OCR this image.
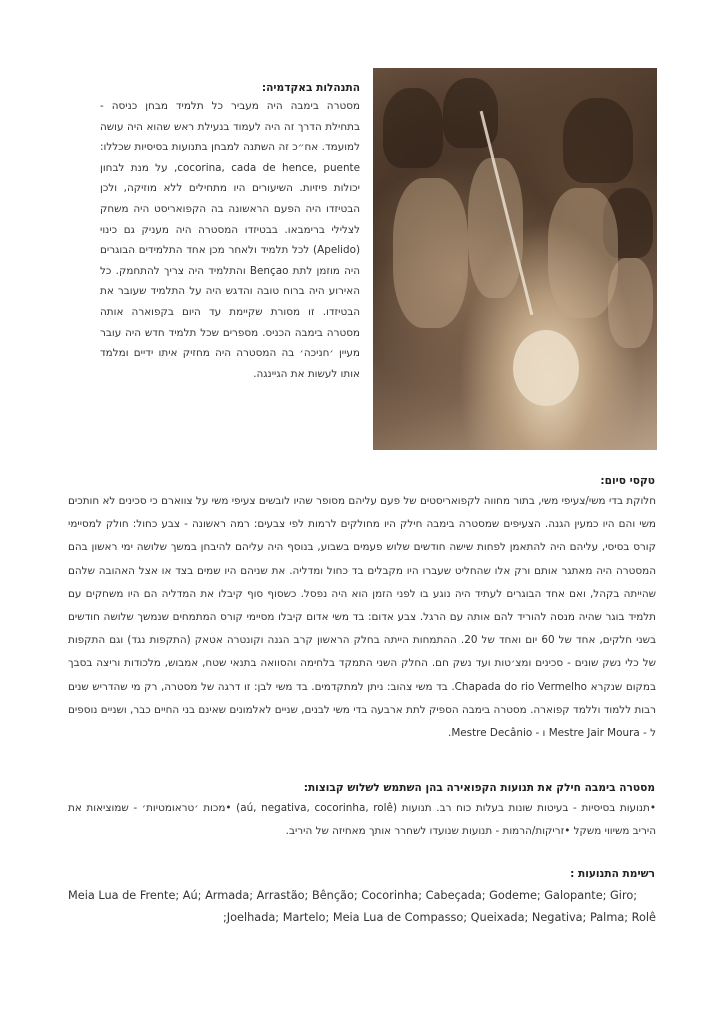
התנהלות באקדמיה:

מסטרה בימבה היה מעביר כל תלמיד מבחן כניסה - בתחילת הדרך זה היה לעמוד בנעילת ראש שהוא היה עושה למועמד. אח״כ זה השתנה למבחן בתנועות בסיסיות שכללו: cocorina, cada de hence, puente, על מנת לבחון יכולות פיזיות. השיעורים היו מתחילים ללא מוזיקה, ולכן הבטיזדו היה הפעם הראשונה בה הקפואריסט היה משחק לצלילי ברימבאו. בבטיזדו המסטרה היה מעניק גם כינוי (Apelido) לכל תלמיד ולאחר מכן אחד התלמידים הבוגרים היה מוזמן לתת Bençao והתלמיד היה צריך להתחמק. כל האירוע היה ברוח טובה והדגש היה על התלמיד שעובר את הבטיזדו. זו מסורת שקיימת עד היום בקפוארה אותה מסטרה בימבה הכניס. מספרים שכל תלמיד חדש היה עובר מעיין ׳חניכה׳ בה המסטרה היה מחזיק איתו ידיים ומלמד אותו לעשות את הגיינגה.

טקסי סיום:

חלוקת בדי משי/צעיפי משי, בתור מחווה לקפואריסטים של פעם עליהם מסופר שהיו לובשים צעיפי משי על צווארם כי סכינים לא חותכים משי והם היו כמעין הגנה. הצעיפים שמסטרה בימבה חילק היו מחולקים לרמות לפי צבעים: רמה ראשונה - צבע כחול: חולק למסיימי קורס בסיסי, עליהם היה להתאמן לפחות שישה חודשים שלוש פעמים בשבוע, בנוסף היה עליהם להיבחן במשך שלושה ימי ראשון בהם המסטרה היה מאתגר אותם ורק אלו שהחליט שעברו היו מקבלים בד כחול ומדליה. את שניהם היו שמים בצד או אצל האהובה שלהם שהייתה בקהל, ואם אחד הבוגרים לעתיד היה נוגע בו לפני הזמן הוא היה נפסל. כשסוף סוף קיבלו את המדליה הם היו משחקים עם תלמיד בוגר שהיה מנסה להוריד להם אותה עם הרגל. צבע אדום: בד משי אדום קיבלו מסיימי קורס המתמחים שנמשך שלושה חודשים בשני חלקים, אחד של 60 יום ואחד של 20. ההתמחות הייתה בחלק הראשון קרב הגנה וקונטרה אטאק (התקפות נגד) וגם התקפות של כלי נשק שונים - סכינים ומצ׳טות ועד נשק חם. החלק השני התמקד בלחימה והסוואה בתנאי שטח, אמבוש, מלכודות וריצה בסבך במקום שנקרא Chapada do rio Vermelho. בד משי צהוב: ניתן למתקדמים. בד משי לבן: זו דרגה של מסטרה, רק מי שהדריש שנים רבות ללמוד וללמד קפוארה. מסטרה בימבה הספיק לתת ארבעה בדי משי לבנים, שניים לאלמונים שאינם בני החיים כבר, ושניים נוספים ל - Mestre Jair Moura ו - Mestre Decânio.

מסטרה בימבה חילק את תנועות הקפואירה בהן השתמש לשלוש קבוצות:

•תנועות בסיסיות - בעיטות שונות בעלות כוח רב. תנועות (aú, negativa, cocorinha, rolê) •מכות ׳טראומטיות׳ - שמוציאות את היריב משיווי משקל •זריקות/הרמות - תנועות שנועדו לשחרר אותך מאחיזה של היריב.

רשימת התנועות :

Meia Lua de Frente; Aú; Armada; Arrastão; Bênção; Cocorinha; Cabeçada; Godeme; Galopante; Giro;

Joelhada; Martelo; Meia Lua de Compasso; Queixada; Negativa; Palma; Rolê;
